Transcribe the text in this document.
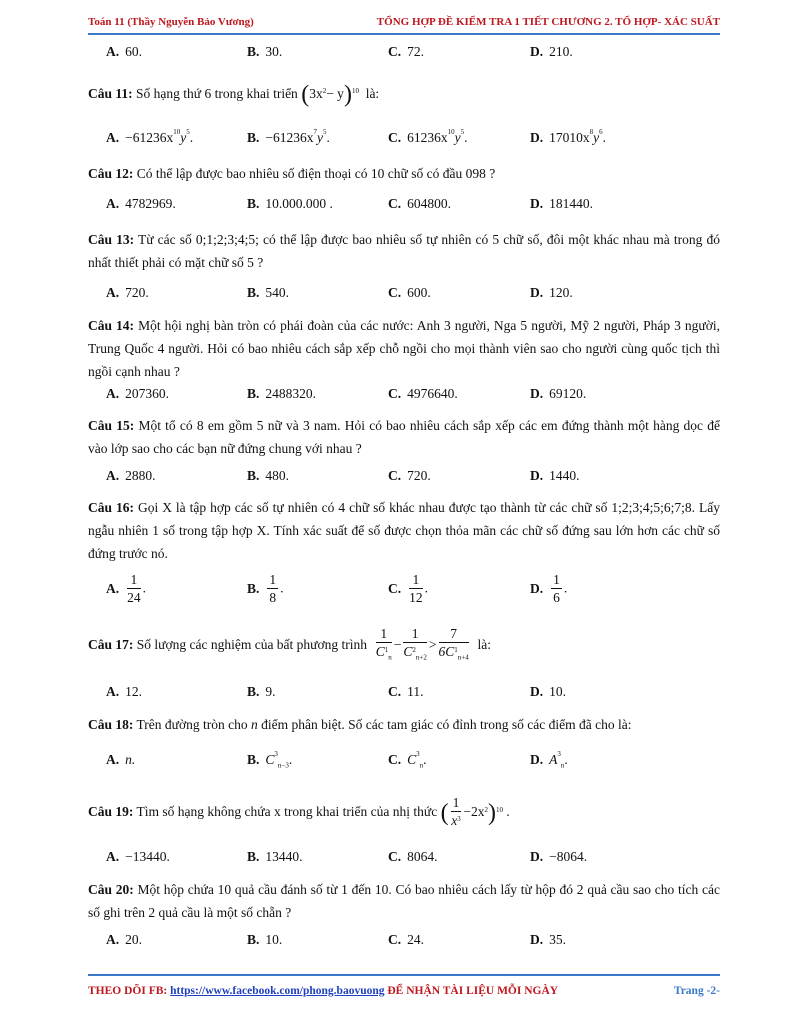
Toán 11 (Thầy Nguyễn Bảo Vương)	TỔNG HỢP ĐỀ KIỂM TRA 1 TIẾT CHƯƠNG 2. TỔ HỢP- XÁC SUẤT
A. 60.	B. 30.	C. 72.	D. 210.
Câu 11: Số hạng thứ 6 trong khai triển $(3x^2- y)^{10}$ là:
A. $-61236x^{10}y^5$.	B. $-61236x^7y^5$.	C. $61236x^{10}y^5$.	D. $17010x^8y^6$.
Câu 12: Có thể lập được bao nhiêu số điện thoại có 10 chữ số có đầu 098 ?
A. 4782969.	B. 10.000.000 .	C. 604800.	D. 181440.
Câu 13: Từ các số 0;1;2;3;4;5; có thể lập được bao nhiêu số tự nhiên có 5 chữ số, đôi một khác nhau mà trong đó nhất thiết phải có mặt chữ số 5 ?
A. 720.	B. 540.	C. 600.	D. 120.
Câu 14: Một hội nghị bàn tròn có phái đoàn của các nước: Anh 3 người, Nga 5 người, Mỹ 2 người, Pháp 3 người, Trung Quốc 4 người. Hỏi có bao nhiêu cách sắp xếp chỗ ngồi cho mọi thành viên sao cho người cùng quốc tịch thì ngồi cạnh nhau ?
A. 207360.	B. 2488320.	C. 4976640.	D. 69120.
Câu 15: Một tổ có 8 em gồm 5 nữ và 3 nam. Hỏi có bao nhiêu cách sắp xếp các em đứng thành một hàng dọc để vào lớp sao cho các bạn nữ đứng chung với nhau ?
A. 2880.	B. 480.	C. 720.	D. 1440.
Câu 16: Gọi X là tập hợp các số tự nhiên có 4 chữ số khác nhau được tạo thành từ các chữ số 1;2;3;4;5;6;7;8. Lấy ngẫu nhiên 1 số trong tập hợp X. Tính xác suất để số được chọn thỏa mãn các chữ số đứng sau lớn hơn các chữ số đứng trước nó.
A. $\frac{1}{24}$ .	B. $\frac{1}{8}$ .	C. $\frac{1}{12}$ .	D. $\frac{1}{6}$ .
Câu 17: Số lượng các nghiệm của bất phương trình $\frac{1}{C^1_n} - \frac{1}{C^2_{n+2}} > \frac{7}{6C^1_{n+4}}$ là:
A. 12.	B. 9.	C. 11.	D. 10.
Câu 18: Trên đường tròn cho n điểm phân biệt. Số các tam giác có đỉnh trong số các điểm đã cho là:
A. n.	B. $C^3_{n-3}$.	C. $C^3_n$.	D. $A^3_n$.
Câu 19: Tìm số hạng không chứa x trong khai triển của nhị thức ( $\frac{1}{x^3} -2x^2)^{10}$ .
A. −13440.	B. 13440.	C. 8064.	D. −8064.
Câu 20: Một hộp chứa 10 quả cầu đánh số từ 1 đến 10. Có bao nhiêu cách lấy từ hộp đó 2 quả cầu sao cho tích các số ghi trên 2 quả cầu là một số chẵn ?
A. 20.	B. 10.	C. 24.	D. 35.
THEO DÕI FB: https://www.facebook.com/phong.baovuong ĐỂ NHẬN TÀI LIỆU MỖI NGÀY	Trang -2-
